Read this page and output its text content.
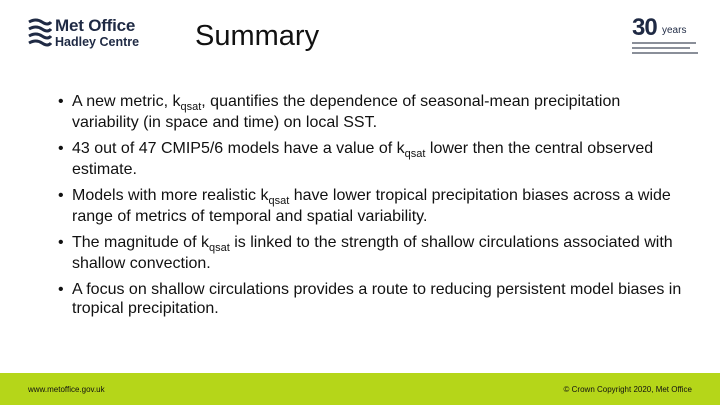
Met Office
Hadley Centre Summary	30 years
• A new metric, $k_{qsat}$, quantifies the dependence of seasonal-mean precipitation variability (in space and time) on local SST.
• 43 out of 47 CMIP5/6 models have a value of $k_{qsat}$ lower then the central observed estimate.
• Models with more realistic $k_{qsat}$ have lower tropical precipitation biases across a wide range of metrics of temporal and spatial variability.
• The magnitude of $k_{qsat}$ is linked to the strength of shallow circulations associated with shallow convection.
• A focus on shallow circulations provides a route to reducing persistent model biases in tropical precipitation.
www.metoffice.gov.uk	© Crown Copyright 2020, Met Office
